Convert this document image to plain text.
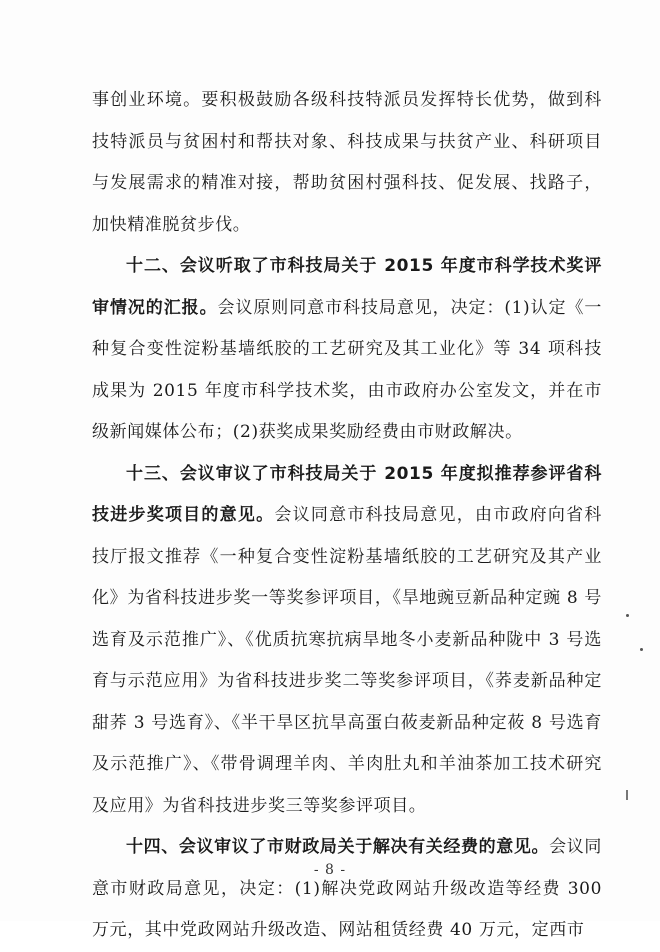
事创业环境。要积极鼓励各级科技特派员发挥特长优势，做到科技特派员与贫困村和帮扶对象、科技成果与扶贫产业、科研项目与发展需求的精准对接，帮助贫困村强科技、促发展、找路子，加快精准脱贫步伐。

十二、会议听取了市科技局关于 2015 年度市科学技术奖评审情况的汇报。会议原则同意市科技局意见，决定：(1)认定《一种复合变性淀粉基墙纸胶的工艺研究及其工业化》等 34 项科技成果为 2015 年度市科学技术奖，由市政府办公室发文，并在市级新闻媒体公布；(2)获奖成果奖励经费由市财政解决。

十三、会议审议了市科技局关于 2015 年度拟推荐参评省科技进步奖项目的意见。会议同意市科技局意见，由市政府向省科技厅报文推荐《一种复合变性淀粉基墙纸胶的工艺研究及其产业化》为省科技进步奖一等奖参评项目，《旱地豌豆新品种定豌 8 号选育及示范推广》、《优质抗寒抗病旱地冬小麦新品种陇中 3 号选育与示范应用》为省科技进步奖二等奖参评项目，《荞麦新品种定甜荞 3 号选育》、《半干旱区抗旱高蛋白莜麦新品种定莜 8 号选育及示范推广》、《带骨调理羊肉、羊肉肚丸和羊油茶加工技术研究及应用》为省科技进步奖三等奖参评项目。

十四、会议审议了市财政局关于解决有关经费的意见。会议同意市财政局意见，决定：(1)解决党政网站升级改造等经费 300 万元，其中党政网站升级改造、网站租赁经费 40 万元，定西市

- 8 -
